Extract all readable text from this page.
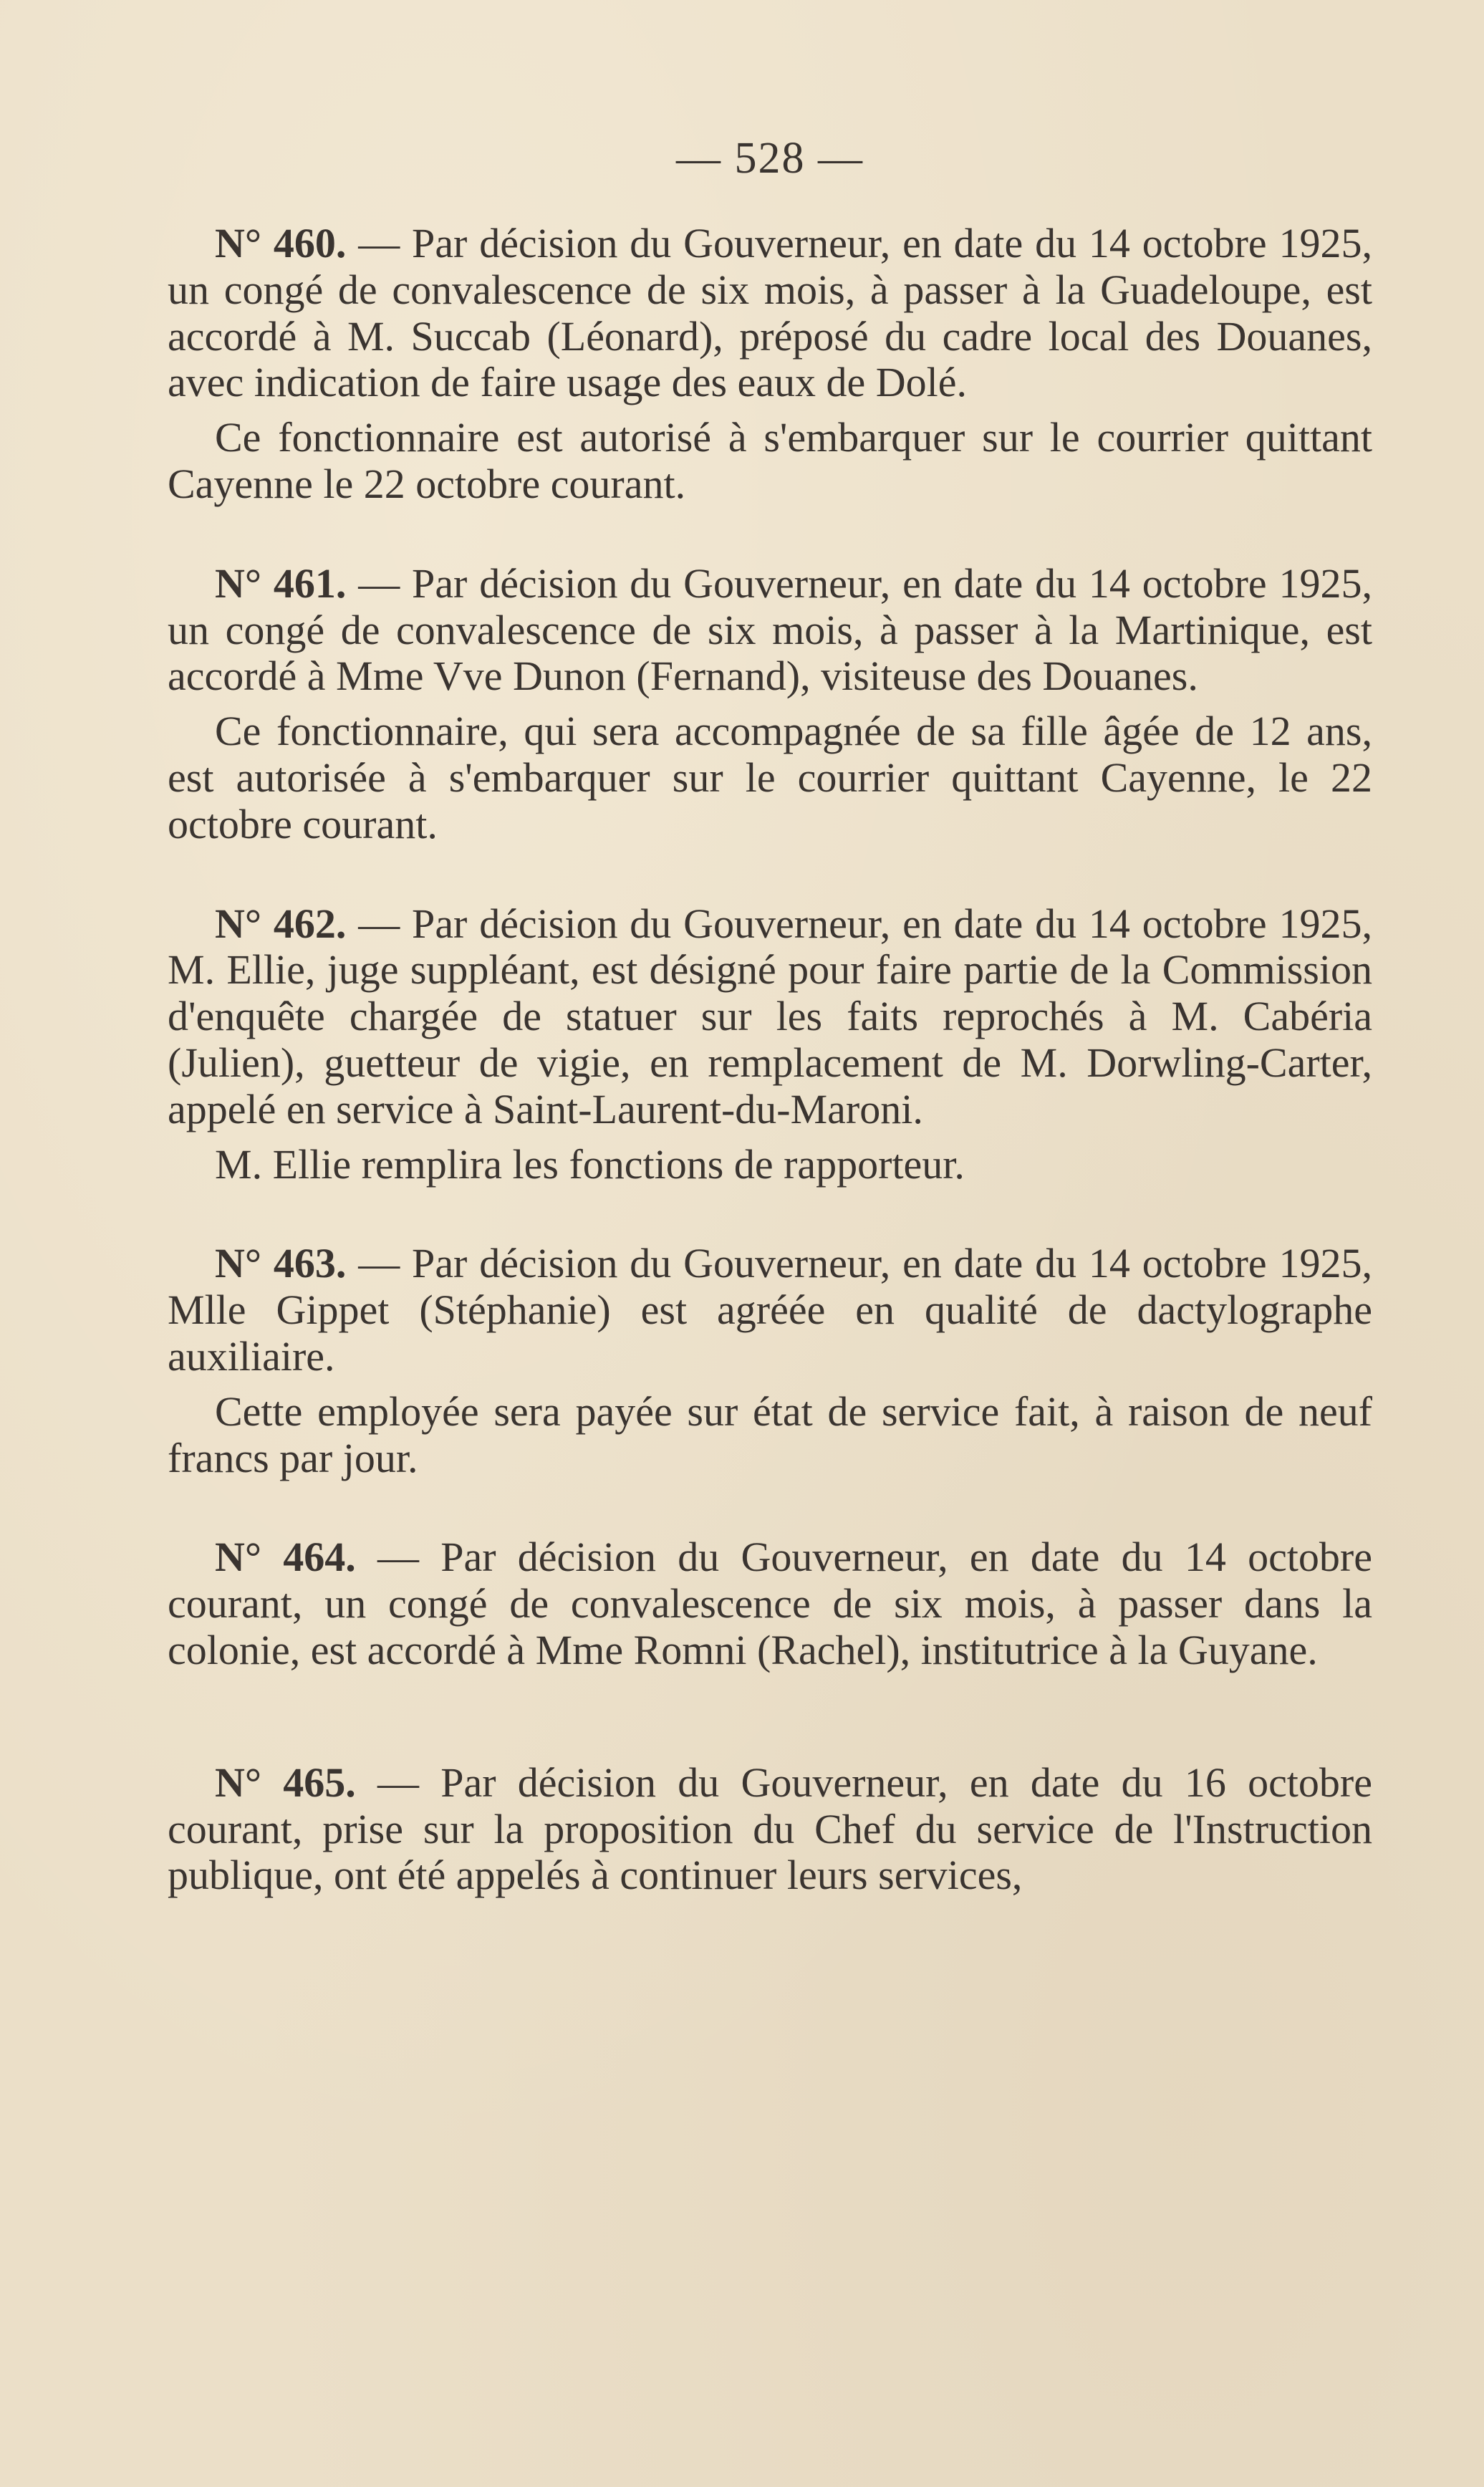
— 528 —

N° 460. — Par décision du Gouverneur, en date du 14 octobre 1925, un congé de convalescence de six mois, à passer à la Guadeloupe, est accordé à M. Succab (Léonard), préposé du cadre local des Douanes, avec indication de faire usage des eaux de Dolé.

Ce fonctionnaire est autorisé à s'embarquer sur le courrier quittant Cayenne le 22 octobre courant.

N° 461. — Par décision du Gouverneur, en date du 14 octobre 1925, un congé de convalescence de six mois, à passer à la Martinique, est accordé à Mme Vve Dunon (Fernand), visiteuse des Douanes.

Ce fonctionnaire, qui sera accompagnée de sa fille âgée de 12 ans, est autorisée à s'embarquer sur le courrier quittant Cayenne, le 22 octobre courant.

N° 462. — Par décision du Gouverneur, en date du 14 octobre 1925, M. Ellie, juge suppléant, est désigné pour faire partie de la Commission d'enquête chargée de statuer sur les faits reprochés à M. Cabéria (Julien), guetteur de vigie, en remplacement de M. Dorwling-Carter, appelé en service à Saint-Laurent-du-Maroni.

M. Ellie remplira les fonctions de rapporteur.

N° 463. — Par décision du Gouverneur, en date du 14 octobre 1925, Mlle Gippet (Stéphanie) est agréée en qualité de dactylographe auxiliaire.

Cette employée sera payée sur état de service fait, à raison de neuf francs par jour.

N° 464. — Par décision du Gouverneur, en date du 14 octobre courant, un congé de convalescence de six mois, à passer dans la colonie, est accordé à Mme Romni (Rachel), institutrice à la Guyane.

N° 465. — Par décision du Gouverneur, en date du 16 octobre courant, prise sur la proposition du Chef du service de l'Instruction publique, ont été appelés à continuer leurs services,
